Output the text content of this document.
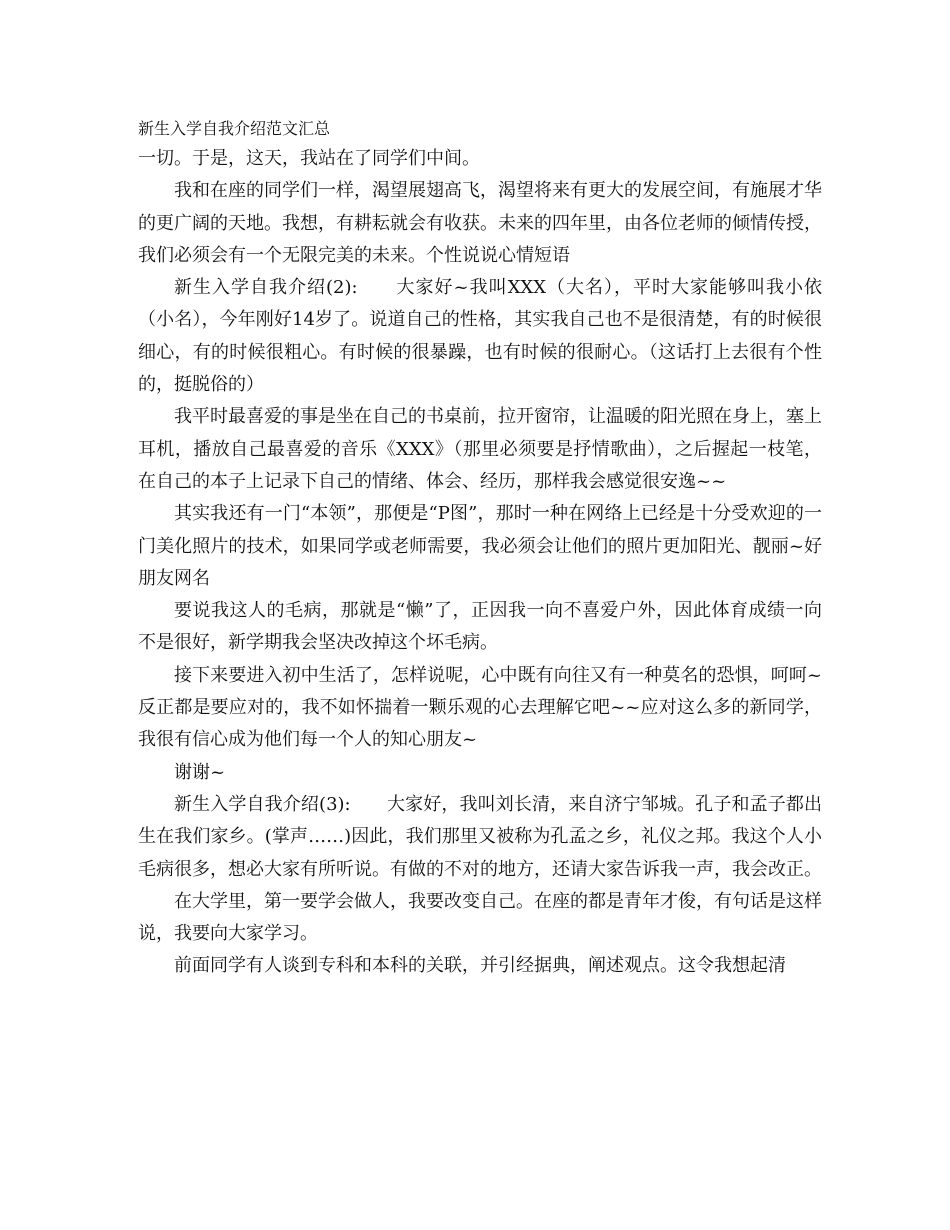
新生入学自我介绍范文汇总

一切。于是，这天，我站在了同学们中间。

我和在座的同学们一样，渴望展翅高飞，渴望将来有更大的发展空间，有施展才华的更广阔的天地。我想，有耕耘就会有收获。未来的四年里，由各位老师的倾情传授，我们必须会有一个无限完美的未来。个性说说心情短语

新生入学自我介绍(2):　　大家好~我叫XXX（大名），平时大家能够叫我小依（小名），今年刚好14岁了。说道自己的性格，其实我自己也不是很清楚，有的时候很细心，有的时候很粗心。有时候的很暴躁，也有时候的很耐心。（这话打上去很有个性的，挺脱俗的）

我平时最喜爱的事是坐在自己的书桌前，拉开窗帘，让温暖的阳光照在身上，塞上耳机，播放自己最喜爱的音乐《XXX》（那里必须要是抒情歌曲），之后握起一枝笔，在自己的本子上记录下自己的情绪、体会、经历，那样我会感觉很安逸~~

其实我还有一门“本领”，那便是“P图”，那时一种在网络上已经是十分受欢迎的一门美化照片的技术，如果同学或老师需要，我必须会让他们的照片更加阳光、靓丽~好朋友网名

要说我这人的毛病，那就是“懒”了，正因我一向不喜爱户外，因此体育成绩一向不是很好，新学期我会坚决改掉这个坏毛病。

接下来要进入初中生活了，怎样说呢，心中既有向往又有一种莫名的恐惧，呵呵~反正都是要应对的，我不如怀揣着一颗乐观的心去理解它吧~~应对这么多的新同学，我很有信心成为他们每一个人的知心朋友~

谢谢~

新生入学自我介绍(3):　　大家好，我叫刘长清，来自济宁邹城。孔子和孟子都出生在我们家乡。(掌声……)因此，我们那里又被称为孔孟之乡，礼仪之邦。我这个人小毛病很多，想必大家有所听说。有做的不对的地方，还请大家告诉我一声，我会改正。

在大学里，第一要学会做人，我要改变自己。在座的都是青年才俊，有句话是这样说，我要向大家学习。

前面同学有人谈到专科和本科的关联，并引经据典，阐述观点。这令我想起清
